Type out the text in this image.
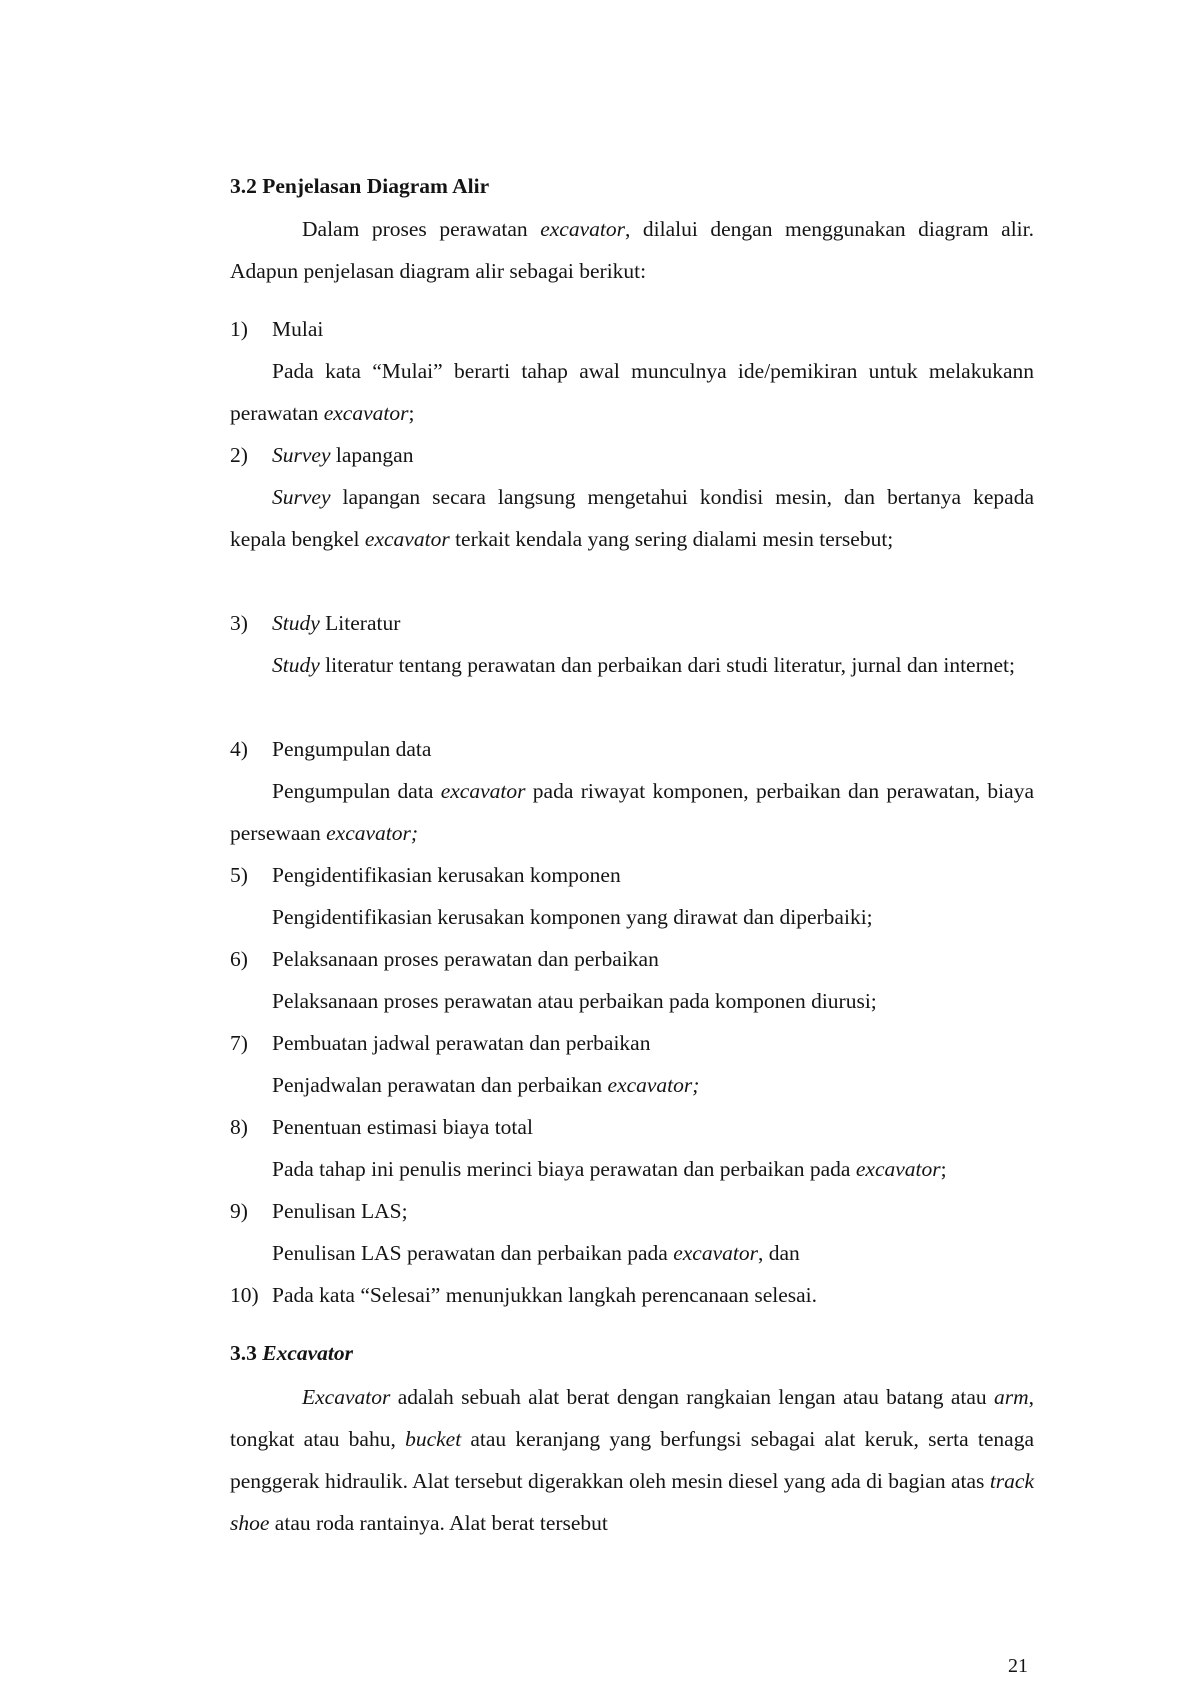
3.2 Penjelasan Diagram Alir

Dalam proses perawatan excavator, dilalui dengan menggunakan diagram alir. Adapun penjelasan diagram alir sebagai berikut:

1) Mulai

Pada kata “Mulai” berarti tahap awal munculnya ide/pemikiran untuk melakukann perawatan excavator;

2) Survey lapangan

Survey lapangan secara langsung mengetahui kondisi mesin, dan bertanya kepada kepala bengkel excavator terkait kendala yang sering dialami mesin tersebut;

3) Study Literatur

Study literatur tentang perawatan dan perbaikan dari studi literatur, jurnal dan internet;

4) Pengumpulan data

Pengumpulan data excavator pada riwayat komponen, perbaikan dan perawatan, biaya persewaan excavator;

5) Pengidentifikasian kerusakan komponen

Pengidentifikasian kerusakan komponen yang dirawat dan diperbaiki;

6) Pelaksanaan proses perawatan dan perbaikan

Pelaksanaan proses perawatan atau perbaikan pada komponen diurusi;

7) Pembuatan jadwal perawatan dan perbaikan

Penjadwalan perawatan dan perbaikan excavator;

8) Penentuan estimasi biaya total

Pada tahap ini penulis merinci biaya perawatan dan perbaikan pada excavator;

9) Penulisan LAS;

Penulisan LAS perawatan dan perbaikan pada excavator, dan

10) Pada kata “Selesai” menunjukkan langkah perencanaan selesai.
3.3 Excavator

Excavator adalah sebuah alat berat dengan rangkaian lengan atau batang atau arm, tongkat atau bahu, bucket atau keranjang yang berfungsi sebagai alat keruk, serta tenaga penggerak hidraulik. Alat tersebut digerakkan oleh mesin diesel yang ada di bagian atas track shoe atau roda rantainya. Alat berat tersebut

21
